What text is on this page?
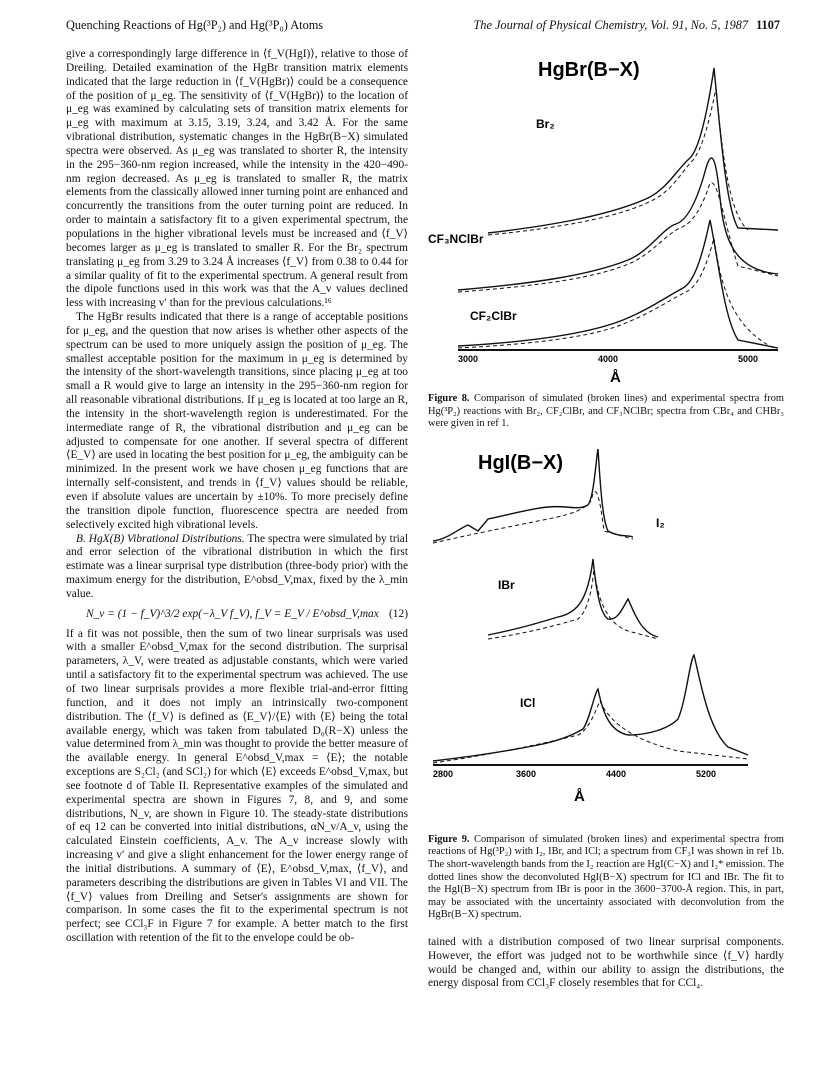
Quenching Reactions of Hg(³P₂) and Hg(³P₀) Atoms	The Journal of Physical Chemistry, Vol. 91, No. 5, 1987 1107

give a correspondingly large difference in ⟨f_V(HgI)⟩, relative to those of Dreiling. Detailed examination of the HgBr transition matrix elements indicated that the large reduction in ⟨f_V(HgBr)⟩ could be a consequence of the position of μ_eg. The sensitivity of ⟨f_V(HgBr)⟩ to the location of μ_eg was examined by calculating sets of transition matrix elements for μ_eg with maximum at 3.15, 3.19, 3.24, and 3.42 Å. For the same vibrational distribution, systematic changes in the HgBr(B−X) simulated spectra were observed. As μ_eg was translated to shorter R, the intensity in the 295−360-nm region increased, while the intensity in the 420−490-nm region decreased. As μ_eg is translated to smaller R, the matrix elements from the classically allowed inner turning point are enhanced and concurrently the transitions from the outer turning point are reduced. In order to maintain a satisfactory fit to a given experimental spectrum, the populations in the higher vibrational levels must be increased and ⟨f_V⟩ becomes larger as μ_eg is translated to smaller R. For the Br₂ spectrum translating μ_eg from 3.29 to 3.24 Å increases ⟨f_V⟩ from 0.38 to 0.44 for a similar quality of fit to the experimental spectrum. A general result from the dipole functions used in this work was that the A_v values declined less with increasing v′ than for the previous calculations.¹⁶

The HgBr results indicated that there is a range of acceptable positions for μ_eg, and the question that now arises is whether other aspects of the spectrum can be used to more uniquely assign the position of μ_eg. The smallest acceptable position for the maximum in μ_eg is determined by the intensity of the short-wavelength transitions, since placing μ_eg at too small a R would give to large an intensity in the 295−360-nm region for all reasonable vibrational distributions. If μ_eg is located at too large an R, the intensity in the short-wavelength region is underestimated. For the intermediate range of R, the vibrational distribution and μ_eg can be adjusted to compensate for one another. If several spectra of different ⟨E_V⟩ are used in locating the best position for μ_eg, the ambiguity can be minimized. In the present work we have chosen μ_eg functions that are internally self-consistent, and trends in ⟨f_V⟩ values should be reliable, even if absolute values are uncertain by ±10%. To more precisely define the transition dipole function, fluorescence spectra are needed from selectively excited high vibrational levels.

B. HgX(B) Vibrational Distributions. The spectra were simulated by trial and error selection of the vibrational distribution in which the first estimate was a linear surprisal type distribution (three-body prior) with the maximum energy for the distribution, E^obsd_V,max, fixed by the λ_min value.

N_v = (1 − f_V)^3/2 exp(−λ_V f_V), f_V = E_V / E^obsd_V,max (12)

If a fit was not possible, then the sum of two linear surprisals was used with a smaller E^obsd_V,max for the second distribution. The surprisal parameters, λ_V, were treated as adjustable constants, which were varied until a satisfactory fit to the experimental spectrum was achieved. The use of two linear surprisals provides a more flexible trial-and-error fitting function, and it does not imply an intrinsically two-component distribution. The ⟨f_V⟩ is defined as ⟨E_V⟩/⟨E⟩ with ⟨E⟩ being the total available energy, which was taken from tabulated D₀(R−X) unless the value determined from λ_min was thought to provide the better measure of the available energy. In general E^obsd_V,max = ⟨E⟩; the notable exceptions are S₂Cl₂ (and SCl₂) for which ⟨E⟩ exceeds E^obsd_V,max, but see footnote d of Table II. Representative examples of the simulated and experimental spectra are shown in Figures 7, 8, and 9, and some distributions, N_v, are shown in Figure 10. The steady-state distributions of eq 12 can be converted into initial distributions, αN_v/A_v, using the calculated Einstein coefficients, A_v. The A_v increase slowly with increasing v′ and give a slight enhancement for the lower energy range of the initial distributions. A summary of ⟨E⟩, E^obsd_V,max, ⟨f_V⟩, and parameters describing the distributions are given in Tables VI and VII. The ⟨f_V⟩ values from Dreiling and Setser's assignments are shown for comparison. In some cases the fit to the experimental spectrum is not perfect; see CCl₃F in Figure 7 for example. A better match to the first oscillation with retention of the fit to the envelope could be ob-

HgBr(B−X)
Br₂
CF₃NClBr
CF₂ClBr
3000	4000	5000
Å

Figure 8. Comparison of simulated (broken lines) and experimental spectra from Hg(³P₂) reactions with Br₂, CF₂ClBr, and CF₃NClBr; spectra from CBr₄ and CHBr₃ were given in ref 1.

HgI(B−X)
I₂
IBr
ICl
2800	3600	4400	5200
Å

Figure 9. Comparison of simulated (broken lines) and experimental spectra from reactions of Hg(³P₂) with I₂, IBr, and ICl; a spectrum from CF₃I was shown in ref 1b. The short-wavelength bands from the I₂ reaction are HgI(C−X) and I₂* emission. The dotted lines show the deconvoluted HgI(B−X) spectrum for ICl and IBr. The fit to the HgI(B−X) spectrum from IBr is poor in the 3600−3700-Å region. This, in part, may be associated with the uncertainty associated with deconvolution from the HgBr(B−X) spectrum.

tained with a distribution composed of two linear surprisal components. However, the effort was judged not to be worthwhile since ⟨f_V⟩ hardly would be changed and, within our ability to assign the distributions, the energy disposal from CCl₃F closely resembles that for CCl₄.
